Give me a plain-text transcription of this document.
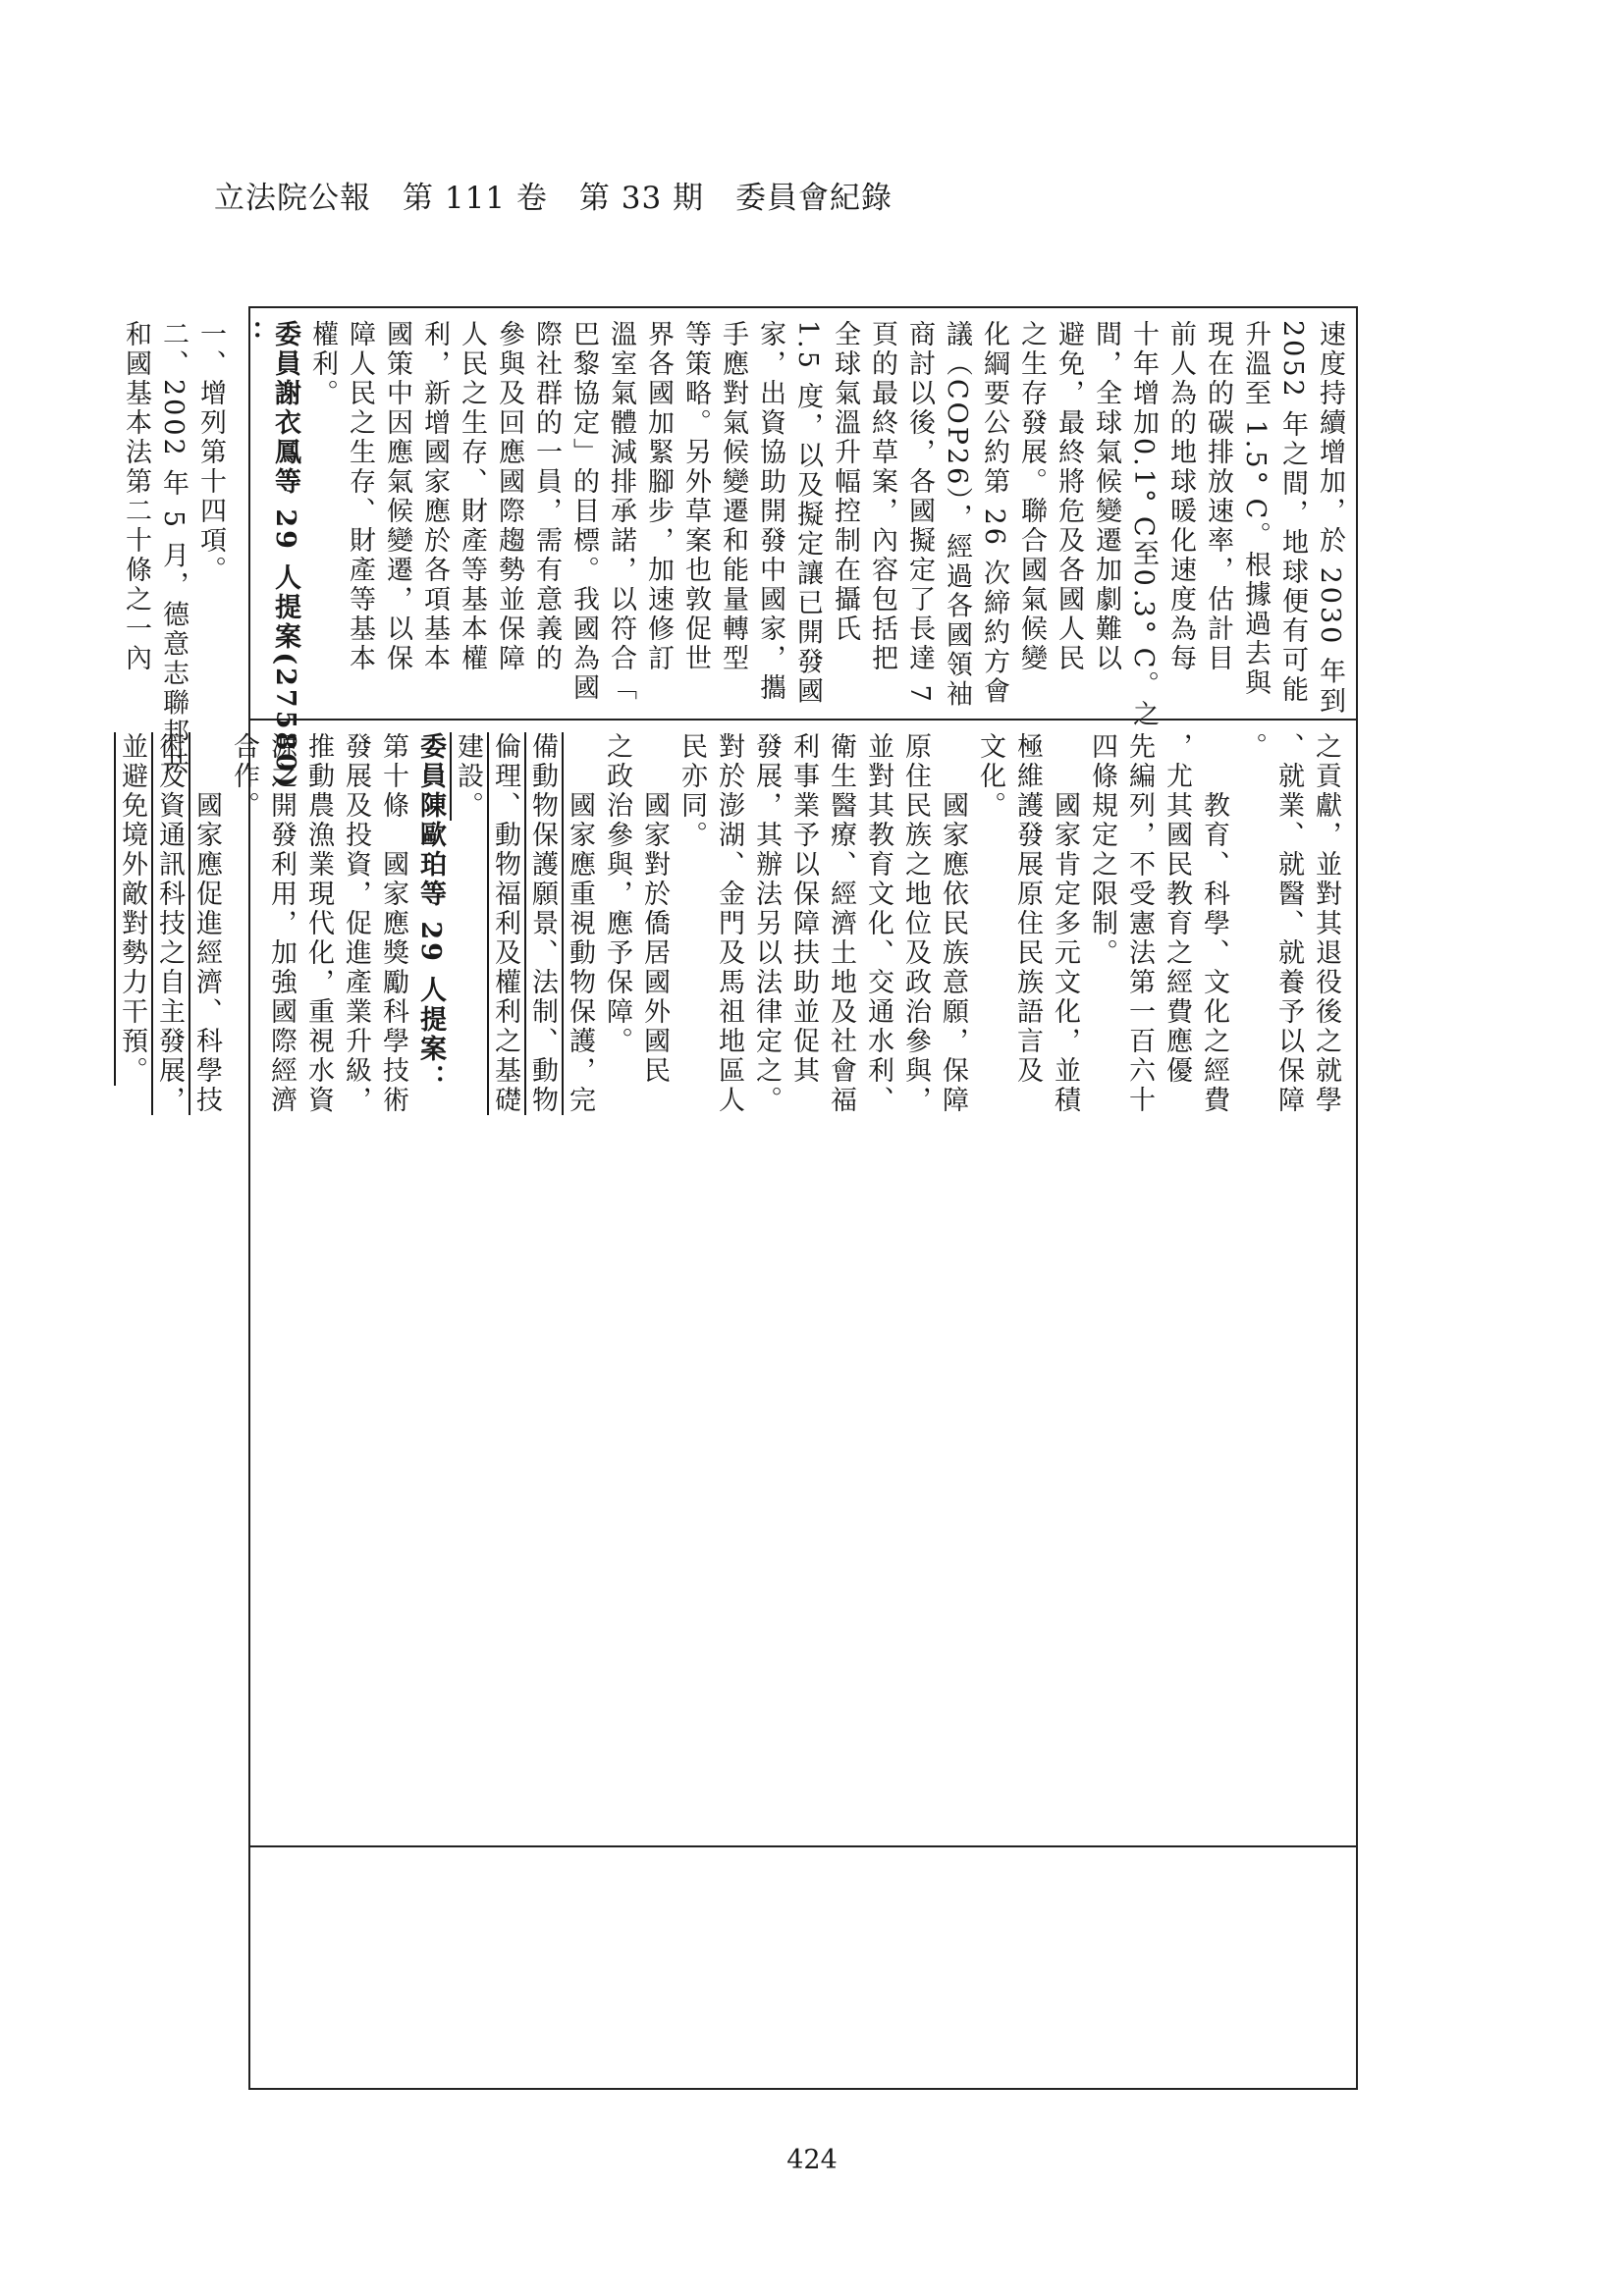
立法院公報　第 111 卷　第 33 期　委員會紀錄
速度持續增加，於 2030 年到
2052 年之間，地球便有可能
升溫至 1.5° C。根據過去與
現在的碳排放速率，估計目
前人為的地球暖化速度為每
十年增加0.1° C至0.3° C。之
間，全球氣候變遷加劇難以
避免，最終將危及各國人民
之生存發展。聯合國氣候變
化綱要公約第 26 次締約方會
議（COP26），經過各國領袖
商討以後，各國擬定了長達 7
頁的最終草案，內容包括把
全球氣溫升幅控制在攝氏
1.5 度，以及擬定讓已開發國
家，出資協助開發中國家，攜
手應對氣候變遷和能量轉型
等策略。另外草案也敦促世
界各國加緊腳步，加速修訂
溫室氣體減排承諾，以符合「
巴黎協定」的目標。我國為國
際社群的一員，需有意義的
參與及回應國際趨勢並保障
人民之生存、財產等基本權
利，新增國家應於各項基本
國策中因應氣候變遷，以保
障人民之生存、財產等基本
權利。
委員謝衣鳳等 29 人提案(27580)
：
一、增列第十四項。
二、2002 年 5 月，德意志聯邦共
和國基本法第二十條之一內
之貢獻，並對其退役後之就學
、就業、就醫、就養予以保障
。
　　教育、科學、文化之經費
，尤其國民教育之經費應優
先編列，不受憲法第一百六十
四條規定之限制。
　　國家肯定多元文化，並積
極維護發展原住民族語言及
文化。
　　國家應依民族意願，保障
原住民族之地位及政治參與，
並對其教育文化、交通水利、
衛生醫療、經濟土地及社會福
利事業予以保障扶助並促其
發展，其辦法另以法律定之。
對於澎湖、金門及馬祖地區人
民亦同。
　　國家對於僑居國外國民
之政治參與，應予保障。
　　國家應重視動物保護，完
備動物保護願景、法制、動物
倫理、動物福利及權利之基礎
建設。
委員陳歐珀等 29 人提案：
第十條　國家應獎勵科學技術
發展及投資，促進產業升級，
推動農漁業現代化，重視水資
源之開發利用，加強國際經濟
合作。
　　國家應促進經濟、科學技
術及資通訊科技之自主發展，
並避免境外敵對勢力干預。
424
